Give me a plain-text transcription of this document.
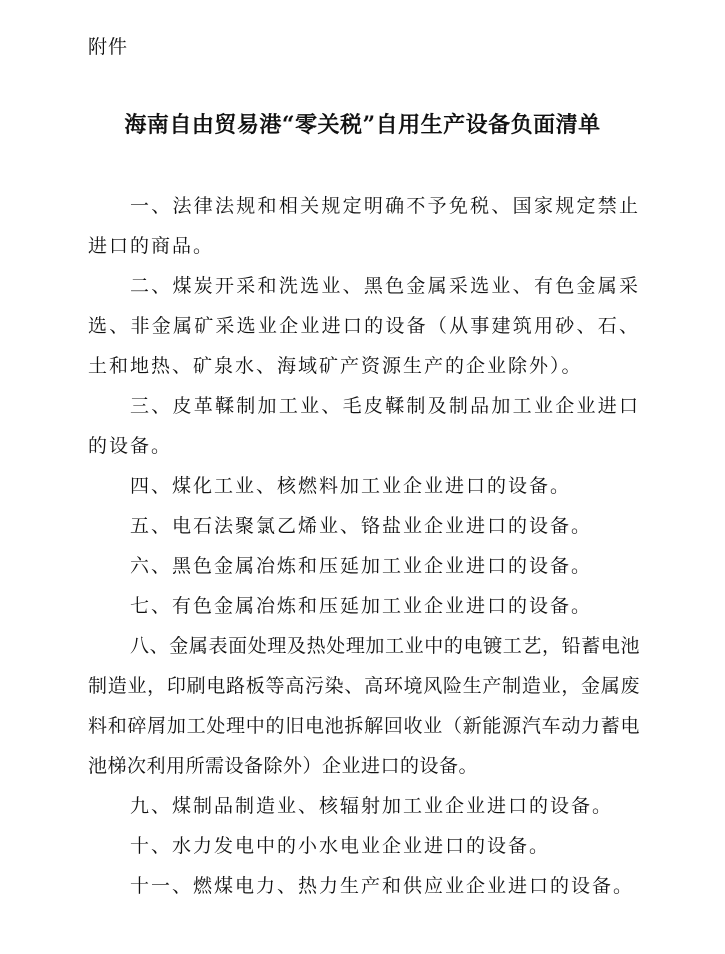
附件
海南自由贸易港“零关税”自用生产设备负面清单

一、法律法规和相关规定明确不予免税、国家规定禁止进口的商品。

二、煤炭开采和洗选业、黑色金属采选业、有色金属采选、非金属矿采选业企业进口的设备（从事建筑用砂、石、土和地热、矿泉水、海域矿产资源生产的企业除外）。

三、皮革鞣制加工业、毛皮鞣制及制品加工业企业进口的设备。

四、煤化工业、核燃料加工业企业进口的设备。

五、电石法聚氯乙烯业、铬盐业企业进口的设备。

六、黑色金属冶炼和压延加工业企业进口的设备。

七、有色金属冶炼和压延加工业企业进口的设备。

八、金属表面处理及热处理加工业中的电镀工艺，铅蓄电池制造业，印刷电路板等高污染、高环境风险生产制造业，金属废料和碎屑加工处理中的旧电池拆解回收业（新能源汽车动力蓄电池梯次利用所需设备除外）企业进口的设备。

九、煤制品制造业、核辐射加工业企业进口的设备。

十、水力发电中的小水电业企业进口的设备。

十一、燃煤电力、热力生产和供应业企业进口的设备。
